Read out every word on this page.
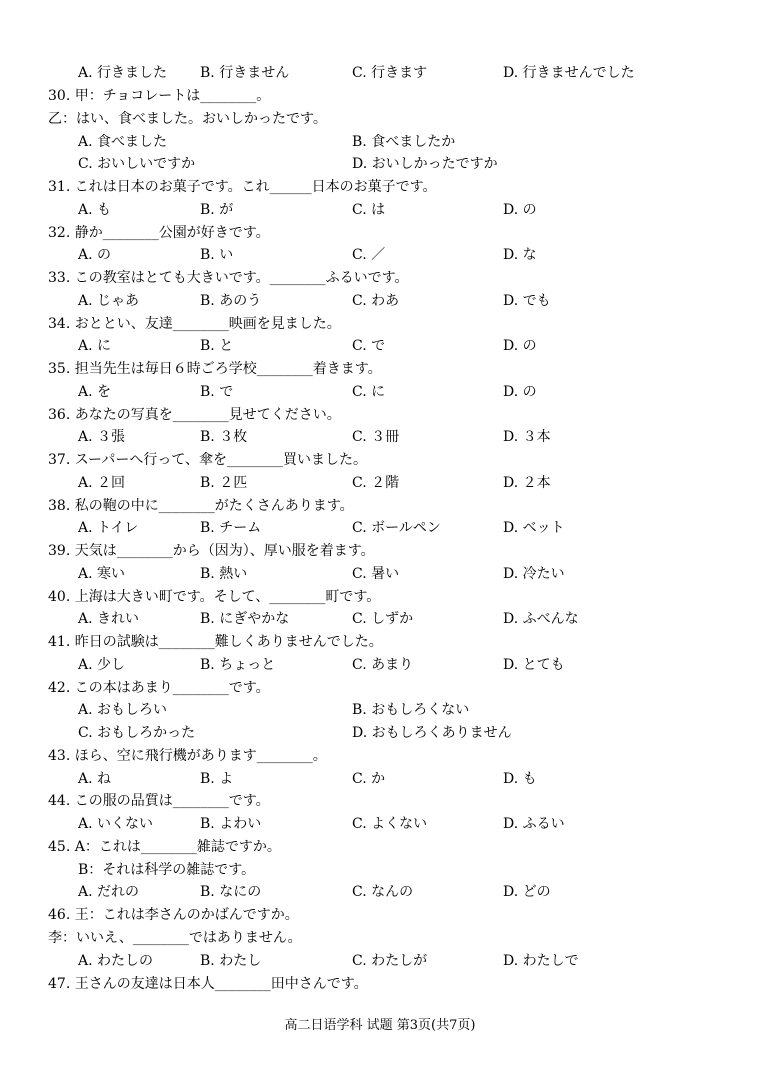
A. 行きました B. 行きません	C. 行きます	D. 行きませんでした
30. 甲：チョコレートは________。
乙：はい、食べました。おいしかったです。
A. 食べました	B. 食べましたか
C. おいしいですか	D. おいしかったですか
31. これは日本のお菓子です。これ______日本のお菓子です。
A. も	B. が	C. は	D. の
32. 静か________公園が好きです。
A. の	B. い	C. ／	D. な
33. この教室はとても大きいです。________ふるいです。
A. じゃあ	B. あのう	C. わあ	D. でも
34. おととい、友達________映画を見ました。
A. に	B. と	C. で	D. の
35. 担当先生は毎日６時ごろ学校________着きます。
A. を	B. で	C. に	D. の
36. あなたの写真を________見せてください。
A. ３張	B. ３枚	C. ３冊	D. ３本
37. スーパーへ行って、傘を________買いました。
A. ２回	B. ２匹	C. ２階	D. ２本
38. 私の鞄の中に________がたくさんあります。
A. トイレ	B. チーム	C. ボールペン	D. ベット
39. 天気は________から（因为）、厚い服を着ます。
A. 寒い	B. 熱い	C. 暑い	D. 冷たい
40. 上海は大きい町です。そして、________町です。
A. きれい	B. にぎやかな	C. しずか	D. ふべんな
41. 昨日の試験は________難しくありませんでした。
A. 少し	B. ちょっと	C. あまり	D. とても
42. この本はあまり________です。
A. おもしろい	B. おもしろくない
C. おもしろかった	D. おもしろくありません
43. ほら、空に飛行機があります________。
A. ね	B. よ	C. か	D. も
44. この服の品質は________です。
A. いくない	B. よわい	C. よくない	D. ふるい
45. A：これは________雑誌ですか。
B：それは科学の雑誌です。
A. だれの	B. なにの	C. なんの	D. どの
46. 王：これは李さんのかばんですか。
李：いいえ、________ではありません。
A. わたしの	B. わたし	C. わたしが	D. わたしで
47. 王さんの友達は日本人________田中さんです。
高二日语学科 试题 第3页(共7页)
